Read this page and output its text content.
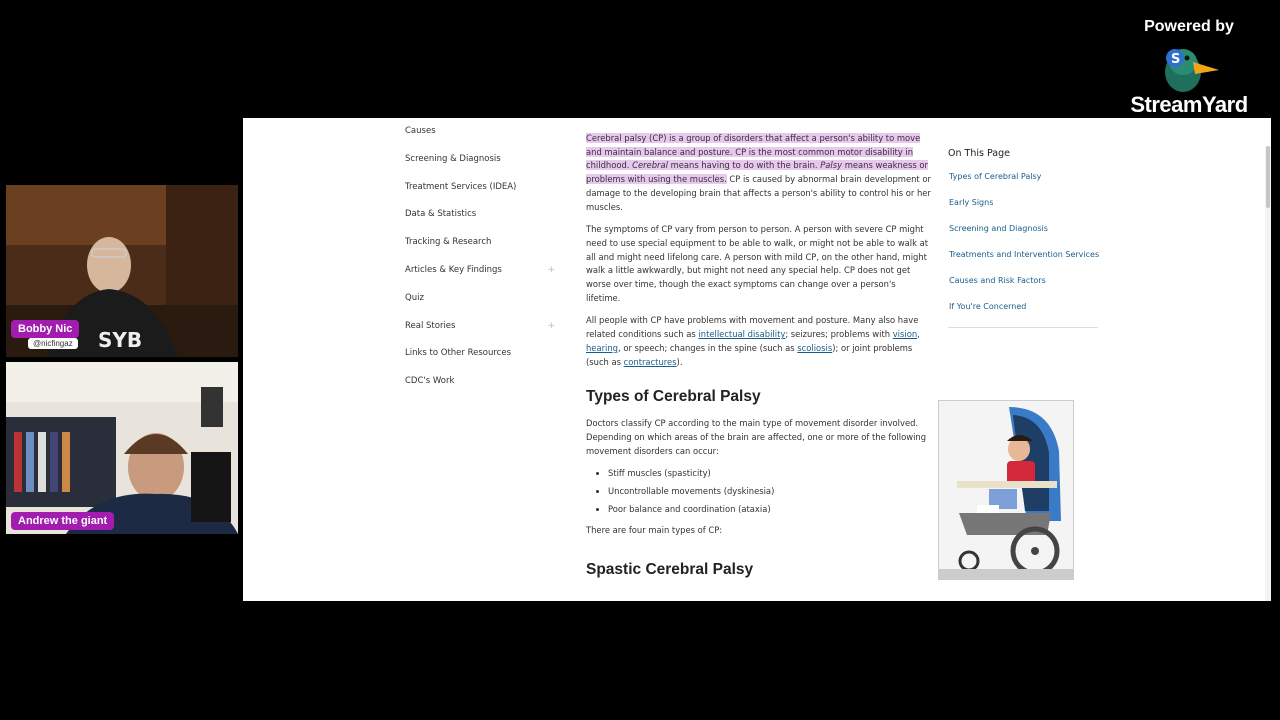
Powered by
S
StreamYard
SYB
Bobby Nic
@nicfingaz
Andrew the giant
Causes
Screening & Diagnosis
Treatment Services (IDEA)
Data & Statistics
Tracking & Research
Articles & Key Findings	+
Quiz
Real Stories	+
Links to Other Resources
CDC's Work

Cerebral palsy (CP) is a group of disorders that affect a person's ability to move and maintain balance and posture. CP is the most common motor disability in childhood. Cerebral means having to do with the brain. Palsy means weakness or problems with using the muscles. CP is caused by abnormal brain development or damage to the developing brain that affects a person's ability to control his or her muscles.

The symptoms of CP vary from person to person. A person with severe CP might need to use special equipment to be able to walk, or might not be able to walk at all and might need lifelong care. A person with mild CP, on the other hand, might walk a little awkwardly, but might not need any special help. CP does not get worse over time, though the exact symptoms can change over a person's lifetime.

All people with CP have problems with movement and posture. Many also have related conditions such as intellectual disability; seizures; problems with vision, hearing, or speech; changes in the spine (such as scoliosis); or joint problems (such as contractures).

Types of Cerebral Palsy

Doctors classify CP according to the main type of movement disorder involved. Depending on which areas of the brain are affected, one or more of the following movement disorders can occur:

• Stiff muscles (spasticity)
• Uncontrollable movements (dyskinesia)
• Poor balance and coordination (ataxia)

There are four main types of CP:

Spastic Cerebral Palsy
On This Page
Types of Cerebral Palsy
Early Signs
Screening and Diagnosis
Treatments and Intervention Services
Causes and Risk Factors
If You're Concerned
